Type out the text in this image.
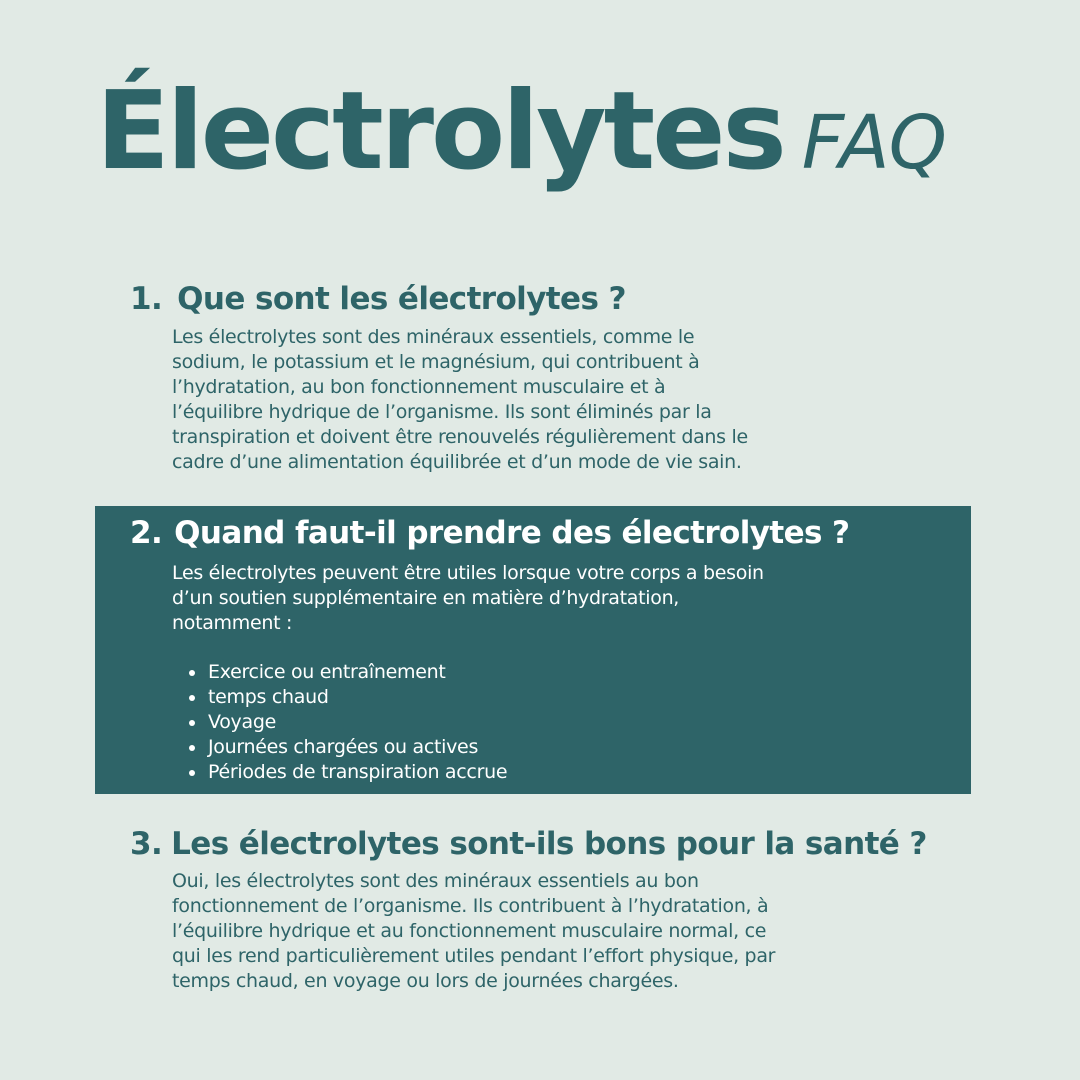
Électrolytes FAQ
1. Que sont les électrolytes ?
Les électrolytes sont des minéraux essentiels, comme le
sodium, le potassium et le magnésium, qui contribuent à
l’hydratation, au bon fonctionnement musculaire et à
l’équilibre hydrique de l’organisme. Ils sont éliminés par la
transpiration et doivent être renouvelés régulièrement dans le
cadre d’une alimentation équilibrée et d’un mode de vie sain.
2. Quand faut-il prendre des électrolytes ?
Les électrolytes peuvent être utiles lorsque votre corps a besoin
d’un soutien supplémentaire en matière d’hydratation,
notamment :
Exercice ou entraînement
temps chaud
Voyage
Journées chargées ou actives
Périodes de transpiration accrue
3. Les électrolytes sont-ils bons pour la santé ?
Oui, les électrolytes sont des minéraux essentiels au bon
fonctionnement de l’organisme. Ils contribuent à l’hydratation, à
l’équilibre hydrique et au fonctionnement musculaire normal, ce
qui les rend particulièrement utiles pendant l’effort physique, par
temps chaud, en voyage ou lors de journées chargées.
